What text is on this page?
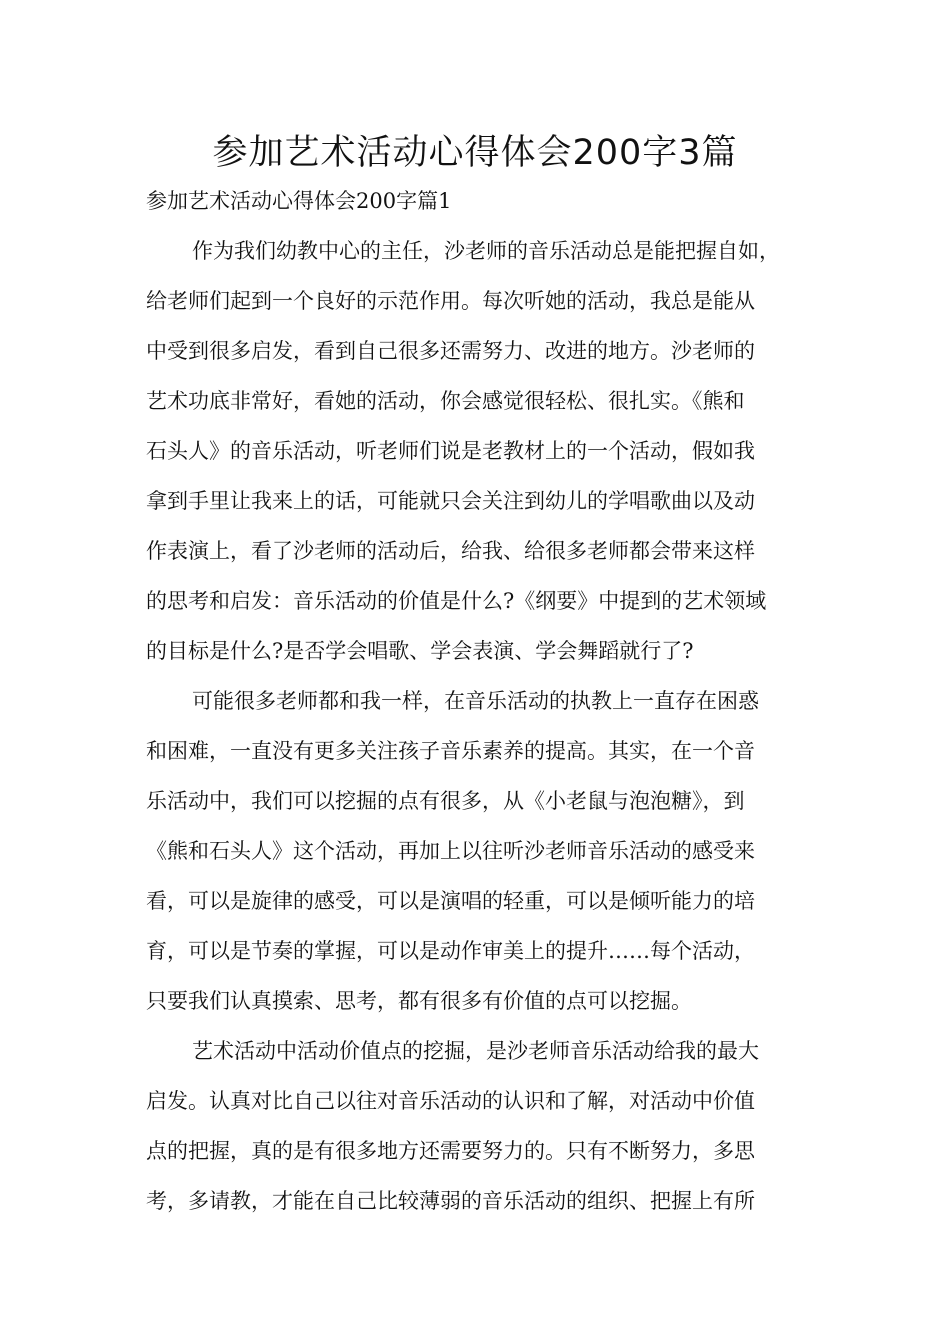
参加艺术活动心得体会200字3篇

参加艺术活动心得体会200字篇1

作为我们幼教中心的主任，沙老师的音乐活动总是能把握自如，

给老师们起到一个良好的示范作用。每次听她的活动，我总是能从

中受到很多启发，看到自己很多还需努力、改进的地方。沙老师的

艺术功底非常好，看她的活动，你会感觉很轻松、很扎实。《熊和

石头人》的音乐活动，听老师们说是老教材上的一个活动，假如我

拿到手里让我来上的话，可能就只会关注到幼儿的学唱歌曲以及动

作表演上，看了沙老师的活动后，给我、给很多老师都会带来这样

的思考和启发：音乐活动的价值是什么?《纲要》中提到的艺术领域

的目标是什么?是否学会唱歌、学会表演、学会舞蹈就行了?

可能很多老师都和我一样，在音乐活动的执教上一直存在困惑

和困难，一直没有更多关注孩子音乐素养的提高。其实，在一个音

乐活动中，我们可以挖掘的点有很多，从《小老鼠与泡泡糖》，到

《熊和石头人》这个活动，再加上以往听沙老师音乐活动的感受来

看，可以是旋律的感受，可以是演唱的轻重，可以是倾听能力的培

育，可以是节奏的掌握，可以是动作审美上的提升……每个活动，

只要我们认真摸索、思考，都有很多有价值的点可以挖掘。

艺术活动中活动价值点的挖掘，是沙老师音乐活动给我的最大

启发。认真对比自己以往对音乐活动的认识和了解，对活动中价值

点的把握，真的是有很多地方还需要努力的。只有不断努力，多思

考，多请教，才能在自己比较薄弱的音乐活动的组织、把握上有所
